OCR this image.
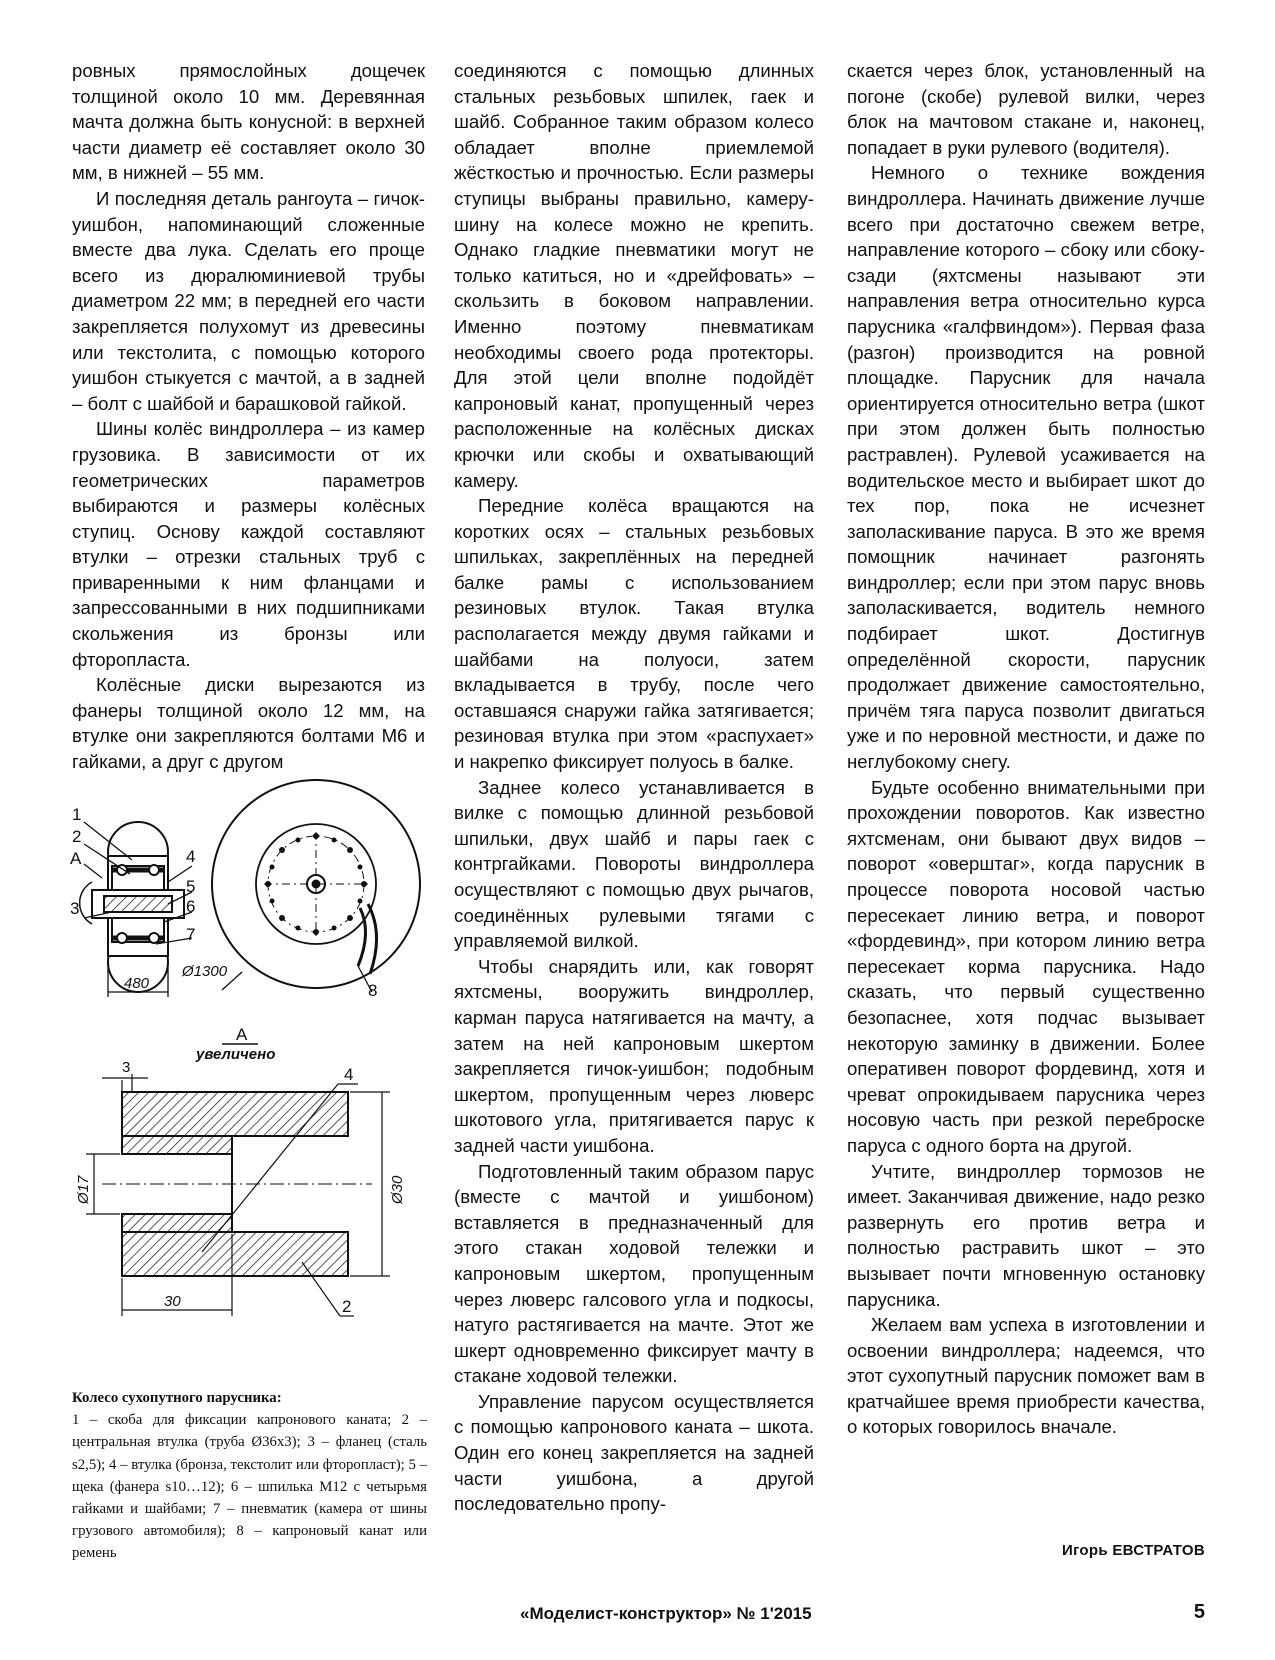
ровных прямослойных дощечек толщиной около 10 мм. Деревянная мачта должна быть конусной: в верхней части диаметр её составляет около 30 мм, в нижней – 55 мм.

И последняя деталь рангоута – гичок-уишбон, напоминающий сложенные вместе два лука. Сделать его проще всего из дюралюминиевой трубы диаметром 22 мм; в передней его части закрепляется полухомут из древесины или текстолита, с помощью которого уишбон стыкуется с мачтой, а в задней – болт с шайбой и барашковой гайкой.

Шины колёс виндроллера – из камер грузовика. В зависимости от их геометрических параметров выбираются и размеры колёсных ступиц. Основу каждой составляют втулки – отрезки стальных труб с приваренными к ним фланцами и запрессованными в них подшипниками скольжения из бронзы или фторопласта.

Колёсные диски вырезаются из фанеры толщиной около 12 мм, на втулке они закрепляются болтами М6 и гайками, а друг с другом

соединяются с помощью длинных стальных резьбовых шпилек, гаек и шайб. Собранное таким образом колесо обладает вполне приемлемой жёсткостью и прочностью. Если размеры ступицы выбраны правильно, камеру-шину на колесе можно не крепить. Однако гладкие пневматики могут не только катиться, но и «дрейфовать» – скользить в боковом направлении. Именно поэтому пневматикам необходимы своего рода протекторы. Для этой цели вполне подойдёт капроновый канат, пропущенный через расположенные на колёсных дисках крючки или скобы и охватывающий камеру.

Передние колёса вращаются на коротких осях – стальных резьбовых шпильках, закреплённых на передней балке рамы с использованием резиновых втулок. Такая втулка располагается между двумя гайками и шайбами на полуоси, затем вкладывается в трубу, после чего оставшаяся снаружи гайка затягивается; резиновая втулка при этом «распухает» и накрепко фиксирует полуось в балке.

Заднее колесо устанавливается в вилке с помощью длинной резьбовой шпильки, двух шайб и пары гаек с контргайками. Повороты виндроллера осуществляют с помощью двух рычагов, соединённых рулевыми тягами с управляемой вилкой.

Чтобы снарядить или, как говорят яхтсмены, вооружить виндроллер, карман паруса натягивается на мачту, а затем на ней капроновым шкертом закрепляется гичок-уишбон; подобным шкертом, пропущенным через люверс шкотового угла, притягивается парус к задней части уишбона.

Подготовленный таким образом парус (вместе с мачтой и уишбоном) вставляется в предназначенный для этого стакан ходовой тележки и капроновым шкертом, пропущенным через люверс галсового угла и подкосы, натуго растягивается на мачте. Этот же шкерт одновременно фиксирует мачту в стакане ходовой тележки.

Управление парусом осуществляется с помощью капронового каната – шкота. Один его конец закрепляется на задней части уишбона, а другой последовательно пропу-

скается через блок, установленный на погоне (скобе) рулевой вилки, через блок на мачтовом стакане и, наконец, попадает в руки рулевого (водителя).

Немного о технике вождения виндроллера. Начинать движение лучше всего при достаточно свежем ветре, направление которого – сбоку или сбоку-сзади (яхтсмены называют эти направления ветра относительно курса парусника «галфвиндом»). Первая фаза (разгон) производится на ровной площадке. Парусник для начала ориентируется относительно ветра (шкот при этом должен быть полностью растравлен). Рулевой усаживается на водительское место и выбирает шкот до тех пор, пока не исчезнет заполаскивание паруса. В это же время помощник начинает разгонять виндроллер; если при этом парус вновь заполаскивается, водитель немного подбирает шкот. Достигнув определённой скорости, парусник продолжает движение самостоятельно, причём тяга паруса позволит двигаться уже и по неровной местности, и даже по неглубокому снегу.

Будьте особенно внимательными при прохождении поворотов. Как известно яхтсменам, они бывают двух видов – поворот «оверштаг», когда парусник в процессе поворота носовой частью пересекает линию ветра, и поворот «фордевинд», при котором линию ветра пересекает корма парусника. Надо сказать, что первый существенно безопаснее, хотя подчас вызывает некоторую заминку в движении. Более оперативен поворот фордевинд, хотя и чреват опрокидываем парусника через носовую часть при резкой переброске паруса с одного борта на другой.

Учтите, виндроллер тормозов не имеет. Заканчивая движение, надо резко развернуть его против ветра и полностью растравить шкот – это вызывает почти мгновенную остановку парусника.

Желаем вам успеха в изготовлении и освоении виндроллера; надеемся, что этот сухопутный парусник поможет вам в кратчайшее время приобрести качества, о которых говорилось вначале.

1
2
A
3
4
5
6
7
480
Ø1300
8
А
увеличено
3	4
2
30
Ø17	Ø30
Колесо сухопутного парусника:
1 – скоба для фиксации капронового каната; 2 – центральная втулка (труба Ø36х3); 3 – фланец (сталь s2,5); 4 – втулка (бронза, текстолит или фторопласт); 5 – щека (фанера s10…12); 6 – шпилька М12 с четырьмя гайками и шайбами; 7 – пневматик (камера от шины грузового автомобиля); 8 – капроновый канат или ремень	Игорь ЕВСТРАТОВ
«Моделист-конструктор» № 1'2015	5
